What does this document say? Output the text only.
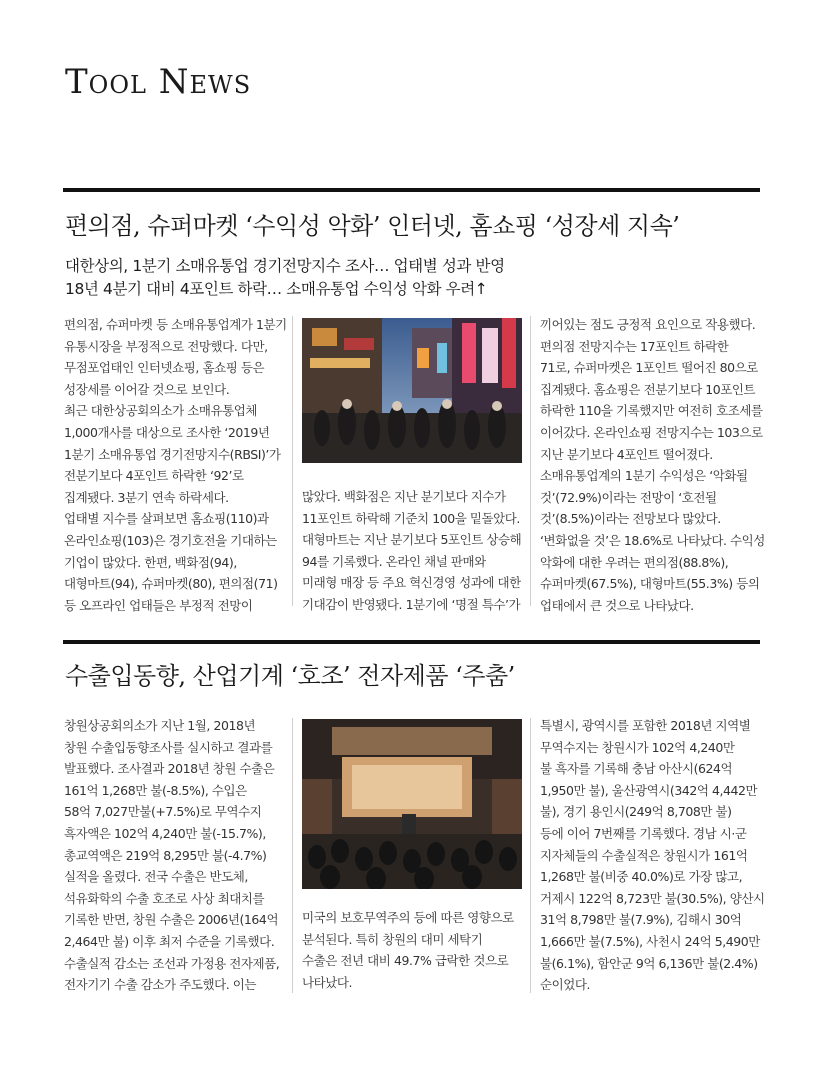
Tool News
편의점, 슈퍼마켓 ‘수익성 악화’ 인터넷, 홈쇼핑 ‘성장세 지속’
대한상의, 1분기 소매유통업 경기전망지수 조사… 업태별 성과 반영
18년 4분기 대비 4포인트 하락… 소매유통업 수익성 악화 우려↑
편의점, 슈퍼마켓 등 소매유통업계가 1분기
유통시장을 부정적으로 전망했다. 다만,
무점포업태인 인터넷쇼핑, 홈쇼핑 등은
성장세를 이어갈 것으로 보인다.
최근 대한상공회의소가 소매유통업체
1,000개사를 대상으로 조사한 ‘2019년
1분기 소매유통업 경기전망지수(RBSI)’가
전분기보다 4포인트 하락한 ‘92’로
집계됐다. 3분기 연속 하락세다.
업태별 지수를 살펴보면 홈쇼핑(110)과
온라인쇼핑(103)은 경기호전을 기대하는
기업이 많았다. 한편, 백화점(94),
대형마트(94), 슈퍼마켓(80), 편의점(71)
등 오프라인 업태들은 부정적 전망이
많았다. 백화점은 지난 분기보다 지수가
11포인트 하락해 기준치 100을 밑돌았다.
대형마트는 지난 분기보다 5포인트 상승해
94를 기록했다. 온라인 채널 판매와
미래형 매장 등 주요 혁신경영 성과에 대한
기대감이 반영됐다. 1분기에 ‘명절 특수’가
끼어있는 점도 긍정적 요인으로 작용했다.
편의점 전망지수는 17포인트 하락한
71로, 슈퍼마켓은 1포인트 떨어진 80으로
집계됐다. 홈쇼핑은 전분기보다 10포인트
하락한 110을 기록했지만 여전히 호조세를
이어갔다. 온라인쇼핑 전망지수는 103으로
지난 분기보다 4포인트 떨어졌다.
소매유통업계의 1분기 수익성은 ‘악화될
것’(72.9%)이라는 전망이 ‘호전될
것’(8.5%)이라는 전망보다 많았다.
‘변화없을 것’은 18.6%로 나타났다. 수익성
악화에 대한 우려는 편의점(88.8%),
슈퍼마켓(67.5%), 대형마트(55.3%) 등의
업태에서 큰 것으로 나타났다.
수출입동향, 산업기계 ‘호조’ 전자제품 ‘주춤’
창원상공회의소가 지난 1월, 2018년
창원 수출입동향조사를 실시하고 결과를
발표했다. 조사결과 2018년 창원 수출은
161억 1,268만 불(-8.5%), 수입은
58억 7,027만불(+7.5%)로 무역수지
흑자액은 102억 4,240만 불(-15.7%),
총교역액은 219억 8,295만 불(-4.7%)
실적을 올렸다. 전국 수출은 반도체,
석유화학의 수출 호조로 사상 최대치를
기록한 반면, 창원 수출은 2006년(164억
2,464만 불) 이후 최저 수준을 기록했다.
수출실적 감소는 조선과 가정용 전자제품,
전자기기 수출 감소가 주도했다. 이는
미국의 보호무역주의 등에 따른 영향으로
분석된다. 특히 창원의 대미 세탁기
수출은 전년 대비 49.7% 급락한 것으로
나타났다.
특별시, 광역시를 포함한 2018년 지역별
무역수지는 창원시가 102억 4,240만
불 흑자를 기록해 충남 아산시(624억
1,950만 불), 울산광역시(342억 4,442만
불), 경기 용인시(249억 8,708만 불)
등에 이어 7번째를 기록했다. 경남 시·군
지자체들의 수출실적은 창원시가 161억
1,268만 불(비중 40.0%)로 가장 많고,
거제시 122억 8,723만 불(30.5%), 양산시
31억 8,798만 불(7.9%), 김해시 30억
1,666만 불(7.5%), 사천시 24억 5,490만
불(6.1%), 함안군 9억 6,136만 불(2.4%)
순이었다.
